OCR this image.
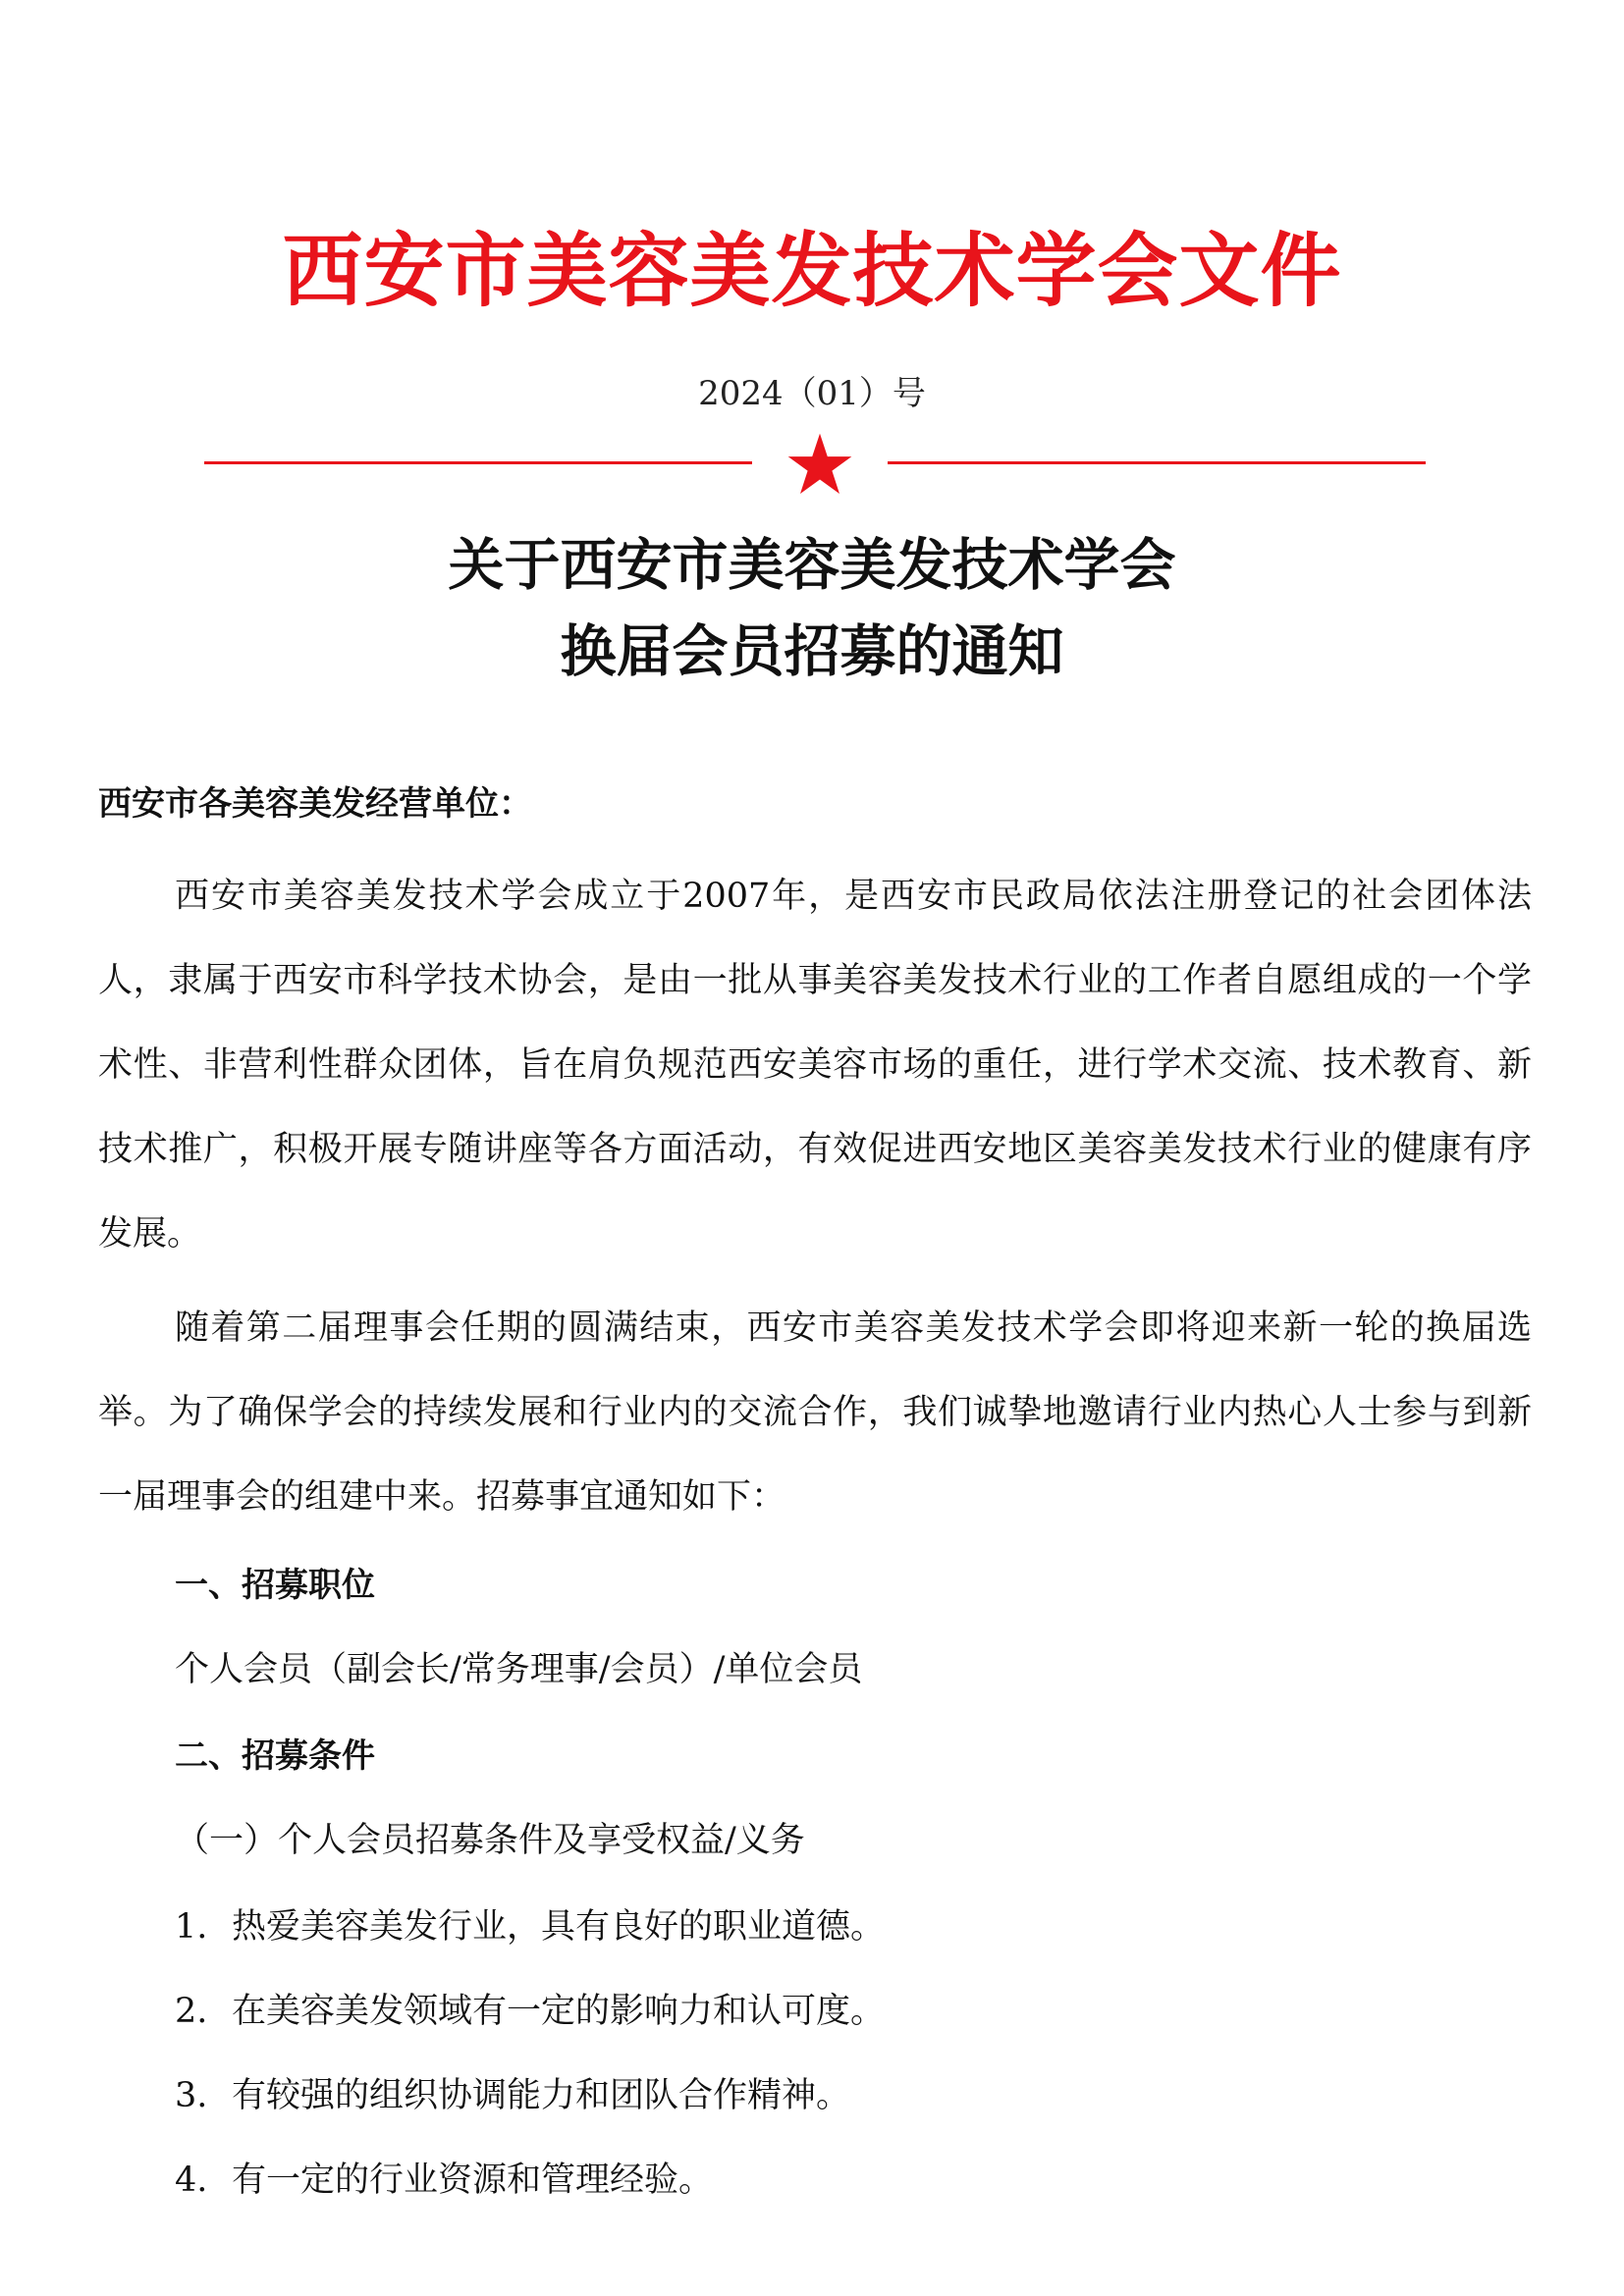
西安市美容美发技术学会文件
2024（01）号
关于西安市美容美发技术学会
换届会员招募的通知
西安市各美容美发经营单位：

西安市美容美发技术学会成立于2007年，是西安市民政局依法注册登记的社会团体法人，隶属于西安市科学技术协会，是由一批从事美容美发技术行业的工作者自愿组成的一个学术性、非营利性群众团体，旨在肩负规范西安美容市场的重任，进行学术交流、技术教育、新技术推广，积极开展专随讲座等各方面活动，有效促进西安地区美容美发技术行业的健康有序发展。

随着第二届理事会任期的圆满结束，西安市美容美发技术学会即将迎来新一轮的换届选举。为了确保学会的持续发展和行业内的交流合作，我们诚挚地邀请行业内热心人士参与到新一届理事会的组建中来。招募事宜通知如下：

一、招募职位
个人会员（副会长/常务理事/会员）/单位会员
二、招募条件
（一）个人会员招募条件及享受权益/义务
1. 热爱美容美发行业，具有良好的职业道德。
2. 在美容美发领域有一定的影响力和认可度。
3. 有较强的组织协调能力和团队合作精神。
4. 有一定的行业资源和管理经验。
